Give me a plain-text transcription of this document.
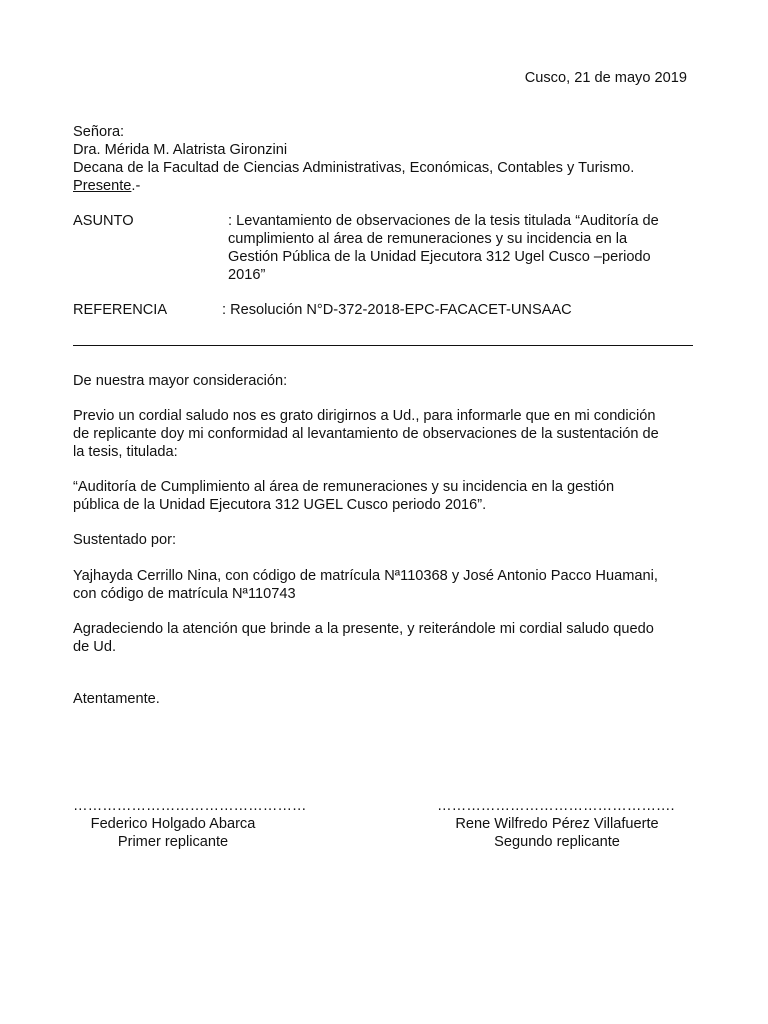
Cusco, 21 de mayo 2019

Señora:

Dra. Mérida M. Alatrista Gironzini

Decana de la Facultad de Ciencias Administrativas, Económicas, Contables y Turismo.

Presente.-

ASUNTO	: Levantamiento de observaciones de la tesis titulada “Auditoría de
cumplimiento al área de remuneraciones y su incidencia en la
Gestión Pública de la Unidad Ejecutora 312 Ugel Cusco –periodo
2016”

REFERENCIA	: Resolución N°D-372-2018-EPC-FACACET-UNSAAC

De nuestra mayor consideración:

Previo un cordial saludo nos es grato dirigirnos a Ud., para informarle que en mi condición
de replicante doy mi conformidad al levantamiento de observaciones de la sustentación de
la tesis, titulada:
“Auditoría de Cumplimiento al área de remuneraciones y su incidencia en la gestión
pública de la Unidad Ejecutora 312 UGEL Cusco periodo 2016”.

Sustentado por:

Yajhayda Cerrillo Nina, con código de matrícula Nª110368 y José Antonio Pacco Huamani,
con código de matrícula Nª110743
Agradeciendo la atención que brinde a la presente, y reiterándole mi cordial saludo quedo
de Ud.

Atentamente.

…………………………………………
Federico Holgado Abarca
Primer replicante
………………………………………….
Rene Wilfredo Pérez Villafuerte
Segundo replicante
